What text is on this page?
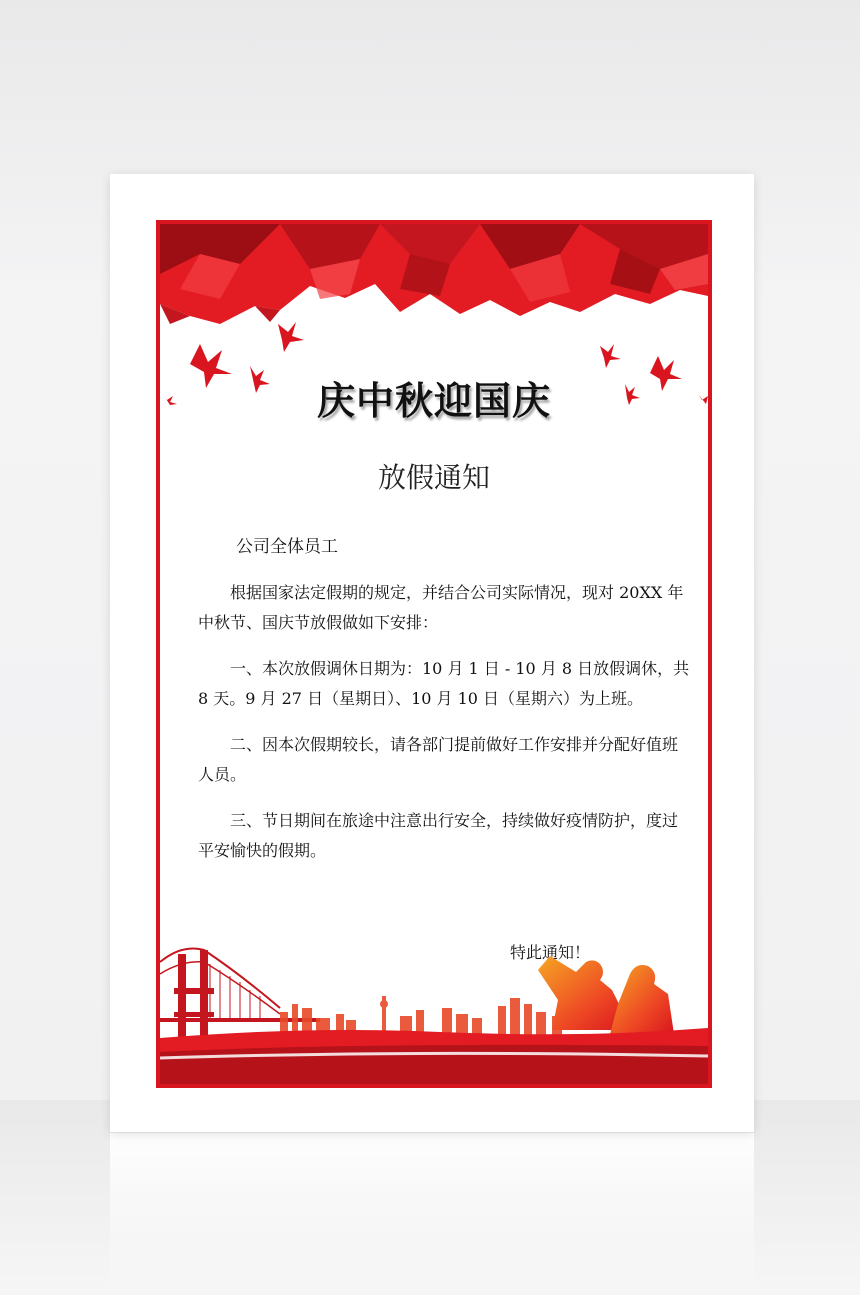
庆中秋迎国庆
放假通知

公司全体员工

根据国家法定假期的规定，并结合公司实际情况，现对 20XX 年中秋节、国庆节放假做如下安排：

一、本次放假调休日期为：10 月 1 日 - 10 月 8 日放假调休，共 8 天。9 月 27 日（星期日）、10 月 10 日（星期六）为上班。

二、因本次假期较长，请各部门提前做好工作安排并分配好值班人员。

三、节日期间在旅途中注意出行安全，持续做好疫情防护，度过平安愉快的假期。

特此通知！
